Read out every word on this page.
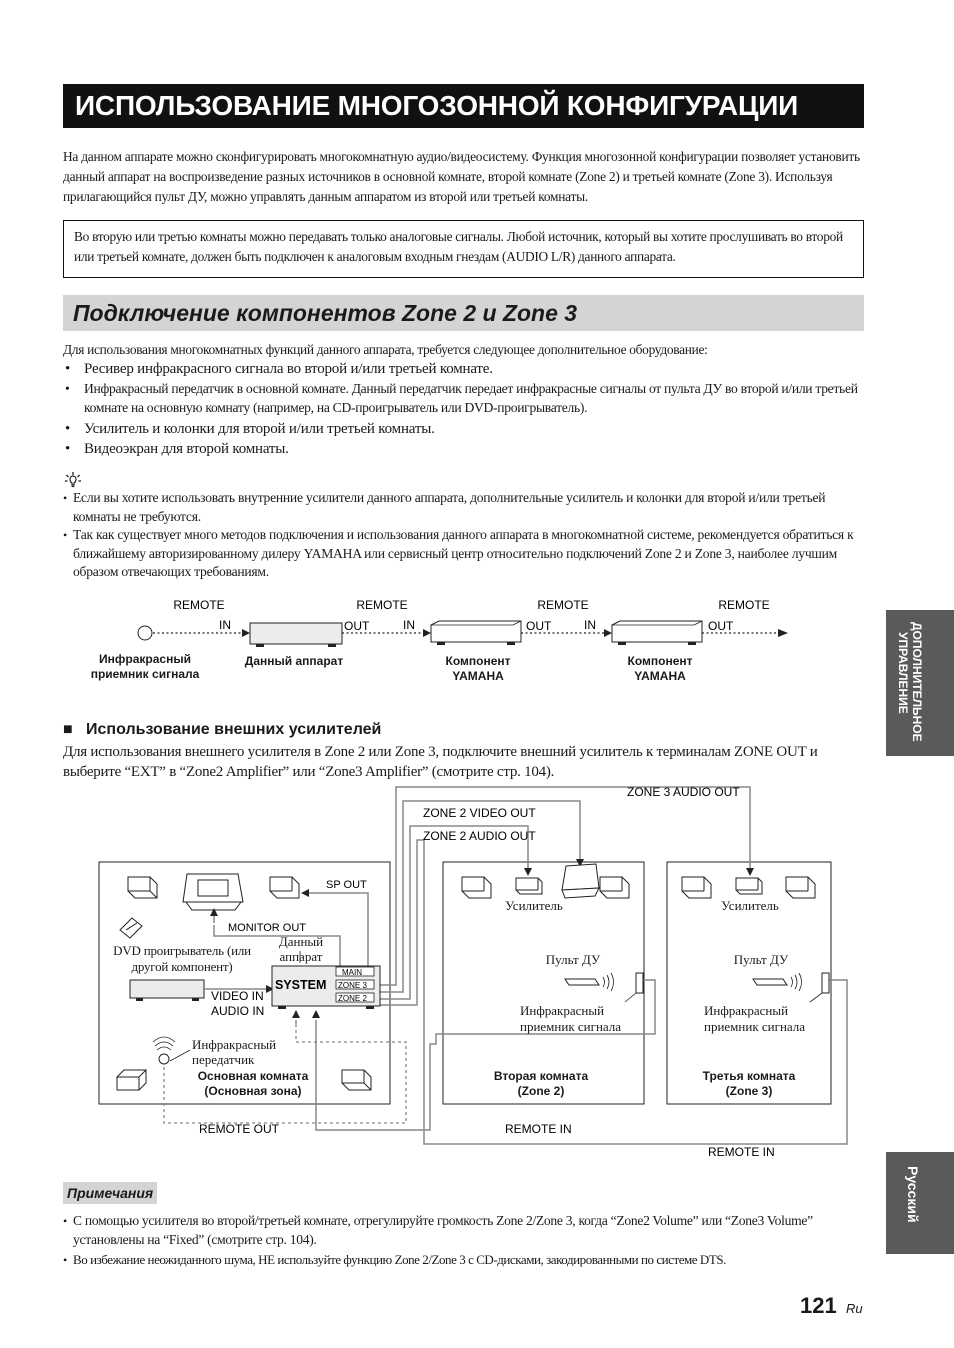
ИСПОЛЬЗОВАНИЕ МНОГОЗОННОЙ КОНФИГУРАЦИИ
На данном аппарате можно сконфигурировать многокомнатную аудио/видеосистему. Функция многозонной конфигурации позволяет установить данный аппарат на воспроизведение разных источников в основной комнате, второй комнате (Zone 2) и третьей комнате (Zone 3). Используя прилагающийся пульт ДУ, можно управлять данным аппаратом из второй или третьей комнаты.
Во вторую или третью комнаты можно передавать только аналоговые сигналы. Любой источник, который вы хотите прослушивать во второй или третьей комнате, должен быть подключен к аналоговым входным гнездам (AUDIO L/R) данного аппарата.
Подключение компонентов Zone 2 и Zone 3
Для использования многокомнатных функций данного аппарата, требуется следующее дополнительное оборудование:
• Ресивер инфракрасного сигнала во второй и/или третьей комнате.
• Инфракрасный передатчик в основной комнате. Данный передатчик передает инфракрасные сигналы от пульта ДУ во второй и/или третьей комнате на основную комнату (например, на CD-проигрыватель или DVD-проигрыватель).
• Усилитель и колонки для второй и/или третьей комнаты.
• Видеоэкран для второй комнаты.
• Если вы хотите использовать внутренние усилители данного аппарата, дополнительные усилитель и колонки для второй и/или третьей комнаты не требуются.
• Так как существует много методов подключения и использования данного аппарата в многокомнатной системе, рекомендуется обратиться к ближайшему авторизированному дилеру YAMAHA или сервисный центр относительно подключений Zone 2 и Zone 3, наиболее лучшим образом отвечающих требованиям.
REMOTE	REMOTE	REMOTE	REMOTE
IN	OUT	IN	OUT	IN	OUT
Инфракрасный приемник сигнала
Данный аппарат	Компонент YAMAHA
Компонент YAMAHA
■ Использование внешних усилителей
Для использования внешнего усилителя в Zone 2 или Zone 3, подключите внешний усилитель к терминалам ZONE OUT и выберите “EXT” в “Zone2 Amplifier” или “Zone3 Amplifier” (смотрите стр. 104).
ZONE 3 AUDIO OUT
ZONE 2 VIDEO OUT
ZONE 2 AUDIO OUT
MONITOR OUT
SP OUT
VIDEO IN
AUDIO IN
SYSTEM
MAIN
ZONE 3
ZONE 2
REMOTE OUT	REMOTE IN
REMOTE IN
DVD проигрыватель (или другой компонент)
Данный аппарат
Инфракрасный передатчик
Основная комната (Основная зона)
Усилитель
Пульт ДУ
Инфракрасный приемник сигнала
Вторая комната (Zone 2)
Усилитель
Пульт ДУ
Инфракрасный приемник сигнала
Третья комната (Zone 3)
Примечания
• С помощью усилителя во второй/третьей комнате, отрегулируйте громкость Zone 2/Zone 3, когда “Zone2 Volume” или “Zone3 Volume” установлены на “Fixed” (смотрите стр. 104).
• Во избежание неожиданного шума, НЕ используйте функцию Zone 2/Zone 3 с CD-дисками, закодированными по системе DTS.
ДОПОЛНИТЕЛЬНОЕ
УПРАВЛЕНИЕ
Русский
121 Ru
